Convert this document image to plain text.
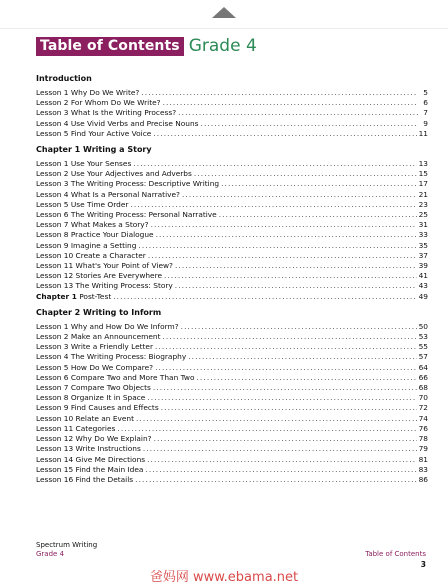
Table of Contents Grade 4
Introduction
Lesson 1 Why Do We Write? .....	5
Lesson 2 For Whom Do We Write? .....	6
Lesson 3 What Is the Writing Process? .....	7
Lesson 4 Use Vivid Verbs and Precise Nouns .....	9
Lesson 5 Find Your Active Voice .....	11
Chapter 1 Writing a Story
Lesson 1 Use Your Senses .....	13
Lesson 2 Use Your Adjectives and Adverbs .....	15
Lesson 3 The Writing Process: Descriptive Writing .....	17
Lesson 4 What Is a Personal Narrative? .....	21
Lesson 5 Use Time Order .....	23
Lesson 6 The Writing Process: Personal Narrative .....	25
Lesson 7 What Makes a Story? .....	31
Lesson 8 Practice Your Dialogue .....	33
Lesson 9 Imagine a Setting .....	35
Lesson 10 Create a Character .....	37
Lesson 11 What's Your Point of View? .....	39
Lesson 12 Stories Are Everywhere .....	41
Lesson 13 The Writing Process: Story .....	43
Chapter 1 Post-Test .....	49
Chapter 2 Writing to Inform
Lesson 1 Why and How Do We Inform? .....	50
Lesson 2 Make an Announcement .....	53
Lesson 3 Write a Friendly Letter .....	55
Lesson 4 The Writing Process: Biography .....	57
Lesson 5 How Do We Compare? .....	64
Lesson 6 Compare Two and More Than Two .....	66
Lesson 7 Compare Two Objects .....	68
Lesson 8 Organize It in Space .....	70
Lesson 9 Find Causes and Effects .....	72
Lesson 10 Relate an Event .....	74
Lesson 11 Categories .....	76
Lesson 12 Why Do We Explain? .....	78
Lesson 13 Write Instructions .....	79
Lesson 14 Give Me Directions .....	81
Lesson 15 Find the Main Idea .....	83
Lesson 16 Find the Details .....	86
Spectrum Writing
Grade 4	Table of Contents
3
爸妈网 www.ebama.net
